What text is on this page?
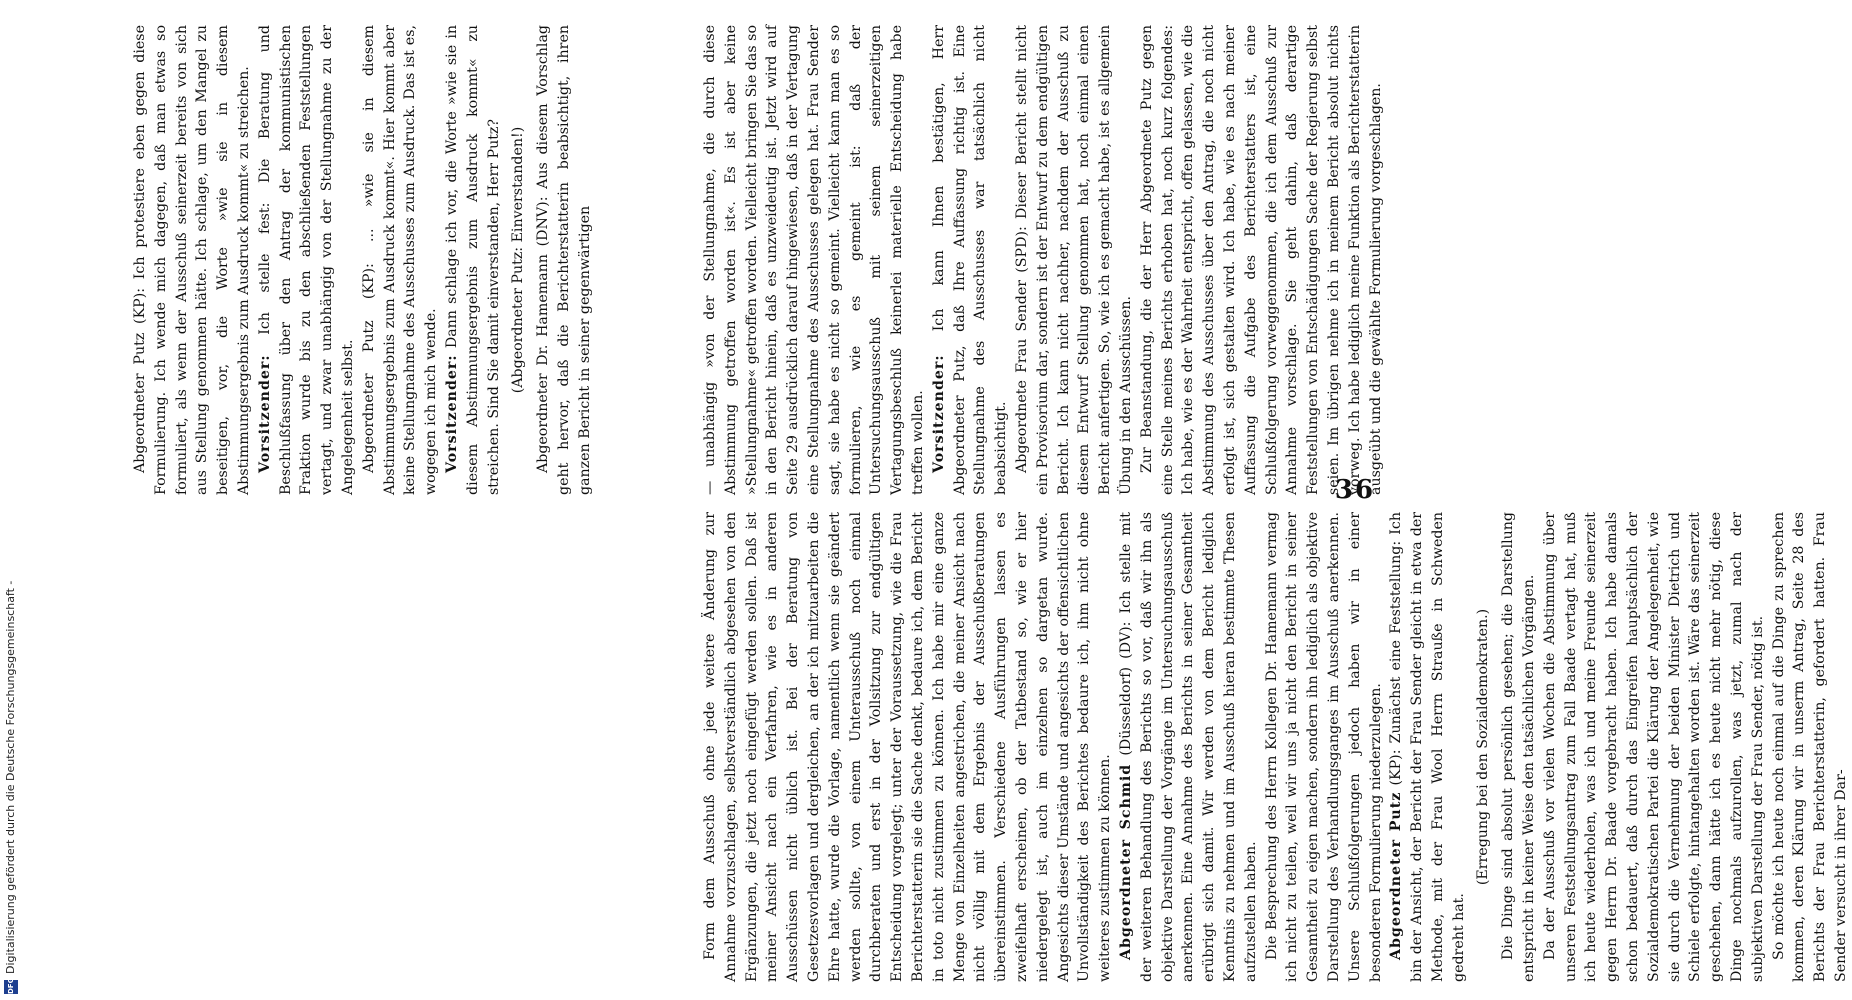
DFG
Digitalisierung gefördert durch die Deutsche Forschungsgemeinschaft -
36

Form dem Ausschuß ohne jede weitere Änderung zur Annahme vorzuschlagen, selbstverständlich abgesehen von den Ergänzungen, die jetzt noch eingefügt werden sollen. Daß ist meiner Ansicht nach ein Verfahren, wie es in anderen Ausschüssen nicht üblich ist. Bei der Beratung von Gesetzesvorlagen und dergleichen, an der ich mitzuarbeiten die Ehre hatte, wurde die Vorlage, namentlich wenn sie geändert werden sollte, von einem Unterausschuß noch einmal durchberaten und erst in der Vollsitzung zur endgültigen Entscheidung vorgelegt; unter der Voraussetzung, wie die Frau Berichterstatterin sie die Sache denkt, bedaure ich, dem Bericht in toto nicht zustimmen zu können. Ich habe mir eine ganze Menge von Einzelheiten angestrichen, die meiner Ansicht nach nicht völlig mit dem Ergebnis der Ausschußberatungen übereinstimmen. Verschiedene Ausführungen lassen es zweifelhaft erscheinen, ob der Tatbestand so, wie er hier niedergelegt ist, auch im einzelnen so dargetan wurde. Angesichts dieser Umstände und angesichts der offensichtlichen Unvollständigkeit des Berichtes bedaure ich, ihm nicht ohne weiteres zustimmen zu können. Abgeordneter Schmid (Düsseldorf) (DV): Ich stelle mit der weiteren Behandlung des Berichts so vor, daß wir ihn als objektive Darstellung der Vorgänge im Untersuchungsausschuß anerkennen. Eine Annahme des Berichts in seiner Gesamtheit erübrigt sich damit. Wir werden von dem Bericht lediglich Kenntnis zu nehmen und im Ausschuß hieran bestimmte Thesen aufzustellen haben. Die Besprechung des Herrn Kollegen Dr. Hamemann vermag ich nicht zu teilen, weil wir uns ja nicht den Bericht in seiner Gesamtheit zu eigen machen, sondern ihn lediglich als objektive Darstellung des Verhandlungsganges im Ausschuß anerkennen. Unsere Schlußfolgerungen jedoch haben wir in einer besonderen Formulierung niederzulegen. Abgeordneter Putz (KP): Zunächst eine Feststellung: Ich bin der Ansicht, der Bericht der Frau Sender gleicht in etwa der Methode, mit der Frau Wool Herrn Strauße in Schweden gedreht hat.

(Erregung bei den Sozialdemokraten.) Die Dinge sind absolut persönlich gesehen; die Darstellung entspricht in keiner Weise den tatsächlichen Vorgängen. Da der Ausschuß vor vielen Wochen die Abstimmung über unseren Feststellungsantrag zum Fall Baade vertagt hat, muß ich heute wiederholen, was ich und meine Freunde seinerzeit gegen Herrn Dr. Baade vorgebracht haben. Ich habe damals schon bedauert, daß durch das Eingreifen hauptsächlich der Sozialdemokratischen Partei die Klärung der Angelegenheit, wie sie durch die Vernehmung der beiden Minister Dietrich und Schiele erfolgte, hintangehalten worden ist. Wäre das seinerzeit geschehen, dann hätte ich es heute nicht mehr nötig, diese Dinge nochmals aufzurollen, was jetzt, zumal nach der subjektiven Darstellung der Frau Sender, nötig ist. So möchte ich heute noch einmal auf die Dinge zu sprechen kommen, deren Klärung wir in unserm Antrag, Seite 28 des Berichts der Frau Berichterstatterin, gefordert hatten. Frau Sender versucht in ihrer Dar-

— unabhängig »von der Stellungnahme, die durch diese Abstimmung getroffen worden ist«. Es ist aber keine »Stellungnahme« getroffen worden. Vielleicht bringen Sie das so in den Bericht hinein, daß es unzweideutig ist. Jetzt wird auf Seite 29 ausdrücklich darauf hingewiesen, daß in der Vertagung eine Stellungnahme des Ausschusses gelegen hat. Frau Sender sagt, sie habe es nicht so gemeint. Vielleicht kann man es so formulieren, wie es gemeint ist: daß der Untersuchungsausschuß mit seinem seinerzeitigen Vertagungsbeschluß keinerlei materielle Entscheidung habe treffen wollen. Vorsitzender: Ich kann Ihnen bestätigen, Herr Abgeordneter Putz, daß Ihre Auffassung richtig ist. Eine Stellungnahme des Ausschusses war tatsächlich nicht beabsichtigt. Abgeordnete Frau Sender (SPD): Dieser Bericht stellt nicht ein Provisorium dar, sondern ist der Entwurf zu dem endgültigen Bericht. Ich kann nicht nachher, nachdem der Ausschuß zu diesem Entwurf Stellung genommen hat, noch einmal einen Bericht anfertigen. So, wie ich es gemacht habe, ist es allgemein Übung in den Ausschüssen. Zur Beanstandung, die der Herr Abgeordnete Putz gegen eine Stelle meines Berichts erhoben hat, noch kurz folgendes: Ich habe, wie es der Wahrheit entspricht, offen gelassen, wie die Abstimmung des Ausschusses über den Antrag, die noch nicht erfolgt ist, sich gestalten wird. Ich habe, wie es nach meiner Auffassung die Aufgabe des Berichterstatters ist, eine Schlußfolgerung vorweggenommen, die ich dem Ausschuß zur Annahme vorschlage. Sie geht dahin, daß derartige Feststellungen von Entschädigungen Sache der Regierung selbst seien. Im übrigen nehme ich in meinem Bericht absolut nichts vorweg. Ich habe lediglich meine Funktion als Berichterstatterin ausgeübt und die gewählte Formulierung vorgeschlagen.

Abgeordneter Putz (KP): Ich protestiere eben gegen diese Formulierung. Ich wende mich dagegen, daß man etwas so formuliert, als wenn der Ausschuß seinerzeit bereits von sich aus Stellung genommen hätte. Ich schlage, um den Mangel zu beseitigen, vor, die Worte »wie sie in diesem Abstimmungsergebnis zum Ausdruck kommt« zu streichen. Vorsitzender: Ich stelle fest: Die Beratung und Beschlußfassung über den Antrag der kommunistischen Fraktion wurde bis zu den abschließenden Feststellungen vertagt, und zwar unabhängig von der Stellungnahme zu der Angelegenheit selbst. Abgeordneter Putz (KP): ... »wie sie in diesem Abstimmungsergebnis zum Ausdruck kommt«. Hier kommt aber keine Stellungnahme des Ausschusses zum Ausdruck. Das ist es, wogegen ich mich wende. Vorsitzender: Dann schlage ich vor, die Worte »wie sie in diesem Abstimmungsergebnis zum Ausdruck kommt« zu streichen. Sind Sie damit einverstanden, Herr Putz? (Abgeordneter Putz: Einverstanden!) Abgeordneter Dr. Hamemann (DNV): Aus diesem Vorschlag geht hervor, daß die Berichterstatterin beabsichtigt, ihren ganzen Bericht in seiner gegenwärtigen
